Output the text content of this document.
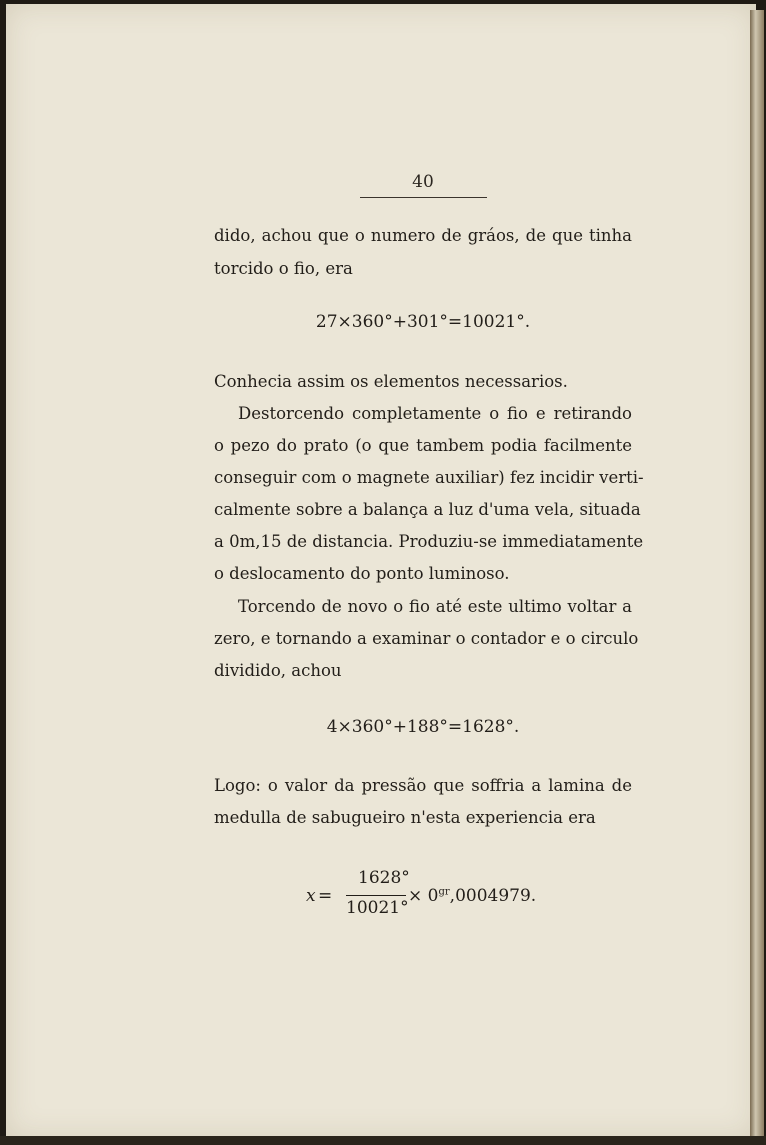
40
dido, achou que o numero de gráos, de que tinha
torcido o fio, era
27×360°+301°=10021°.
Conhecia assim os elementos necessarios.
Destorcendo completamente o fio e retirando
o pezo do prato (o que tambem podia facilmente
conseguir com o magnete auxiliar) fez incidir verti-
calmente sobre a balança a luz d'uma vela, situada
a 0m,15 de distancia. Produziu-se immediatamente
o deslocamento do ponto luminoso.
Torcendo de novo o fio até este ultimo voltar a
zero, e tornando a examinar o contador e o circulo
dividido, achou
4×360°+188°=1628°.
Logo: o valor da pressão que soffria a lamina de
medulla de sabugueiro n'esta experiencia era
x =
1628°
10021°
× $0^{gr},0004979$.
